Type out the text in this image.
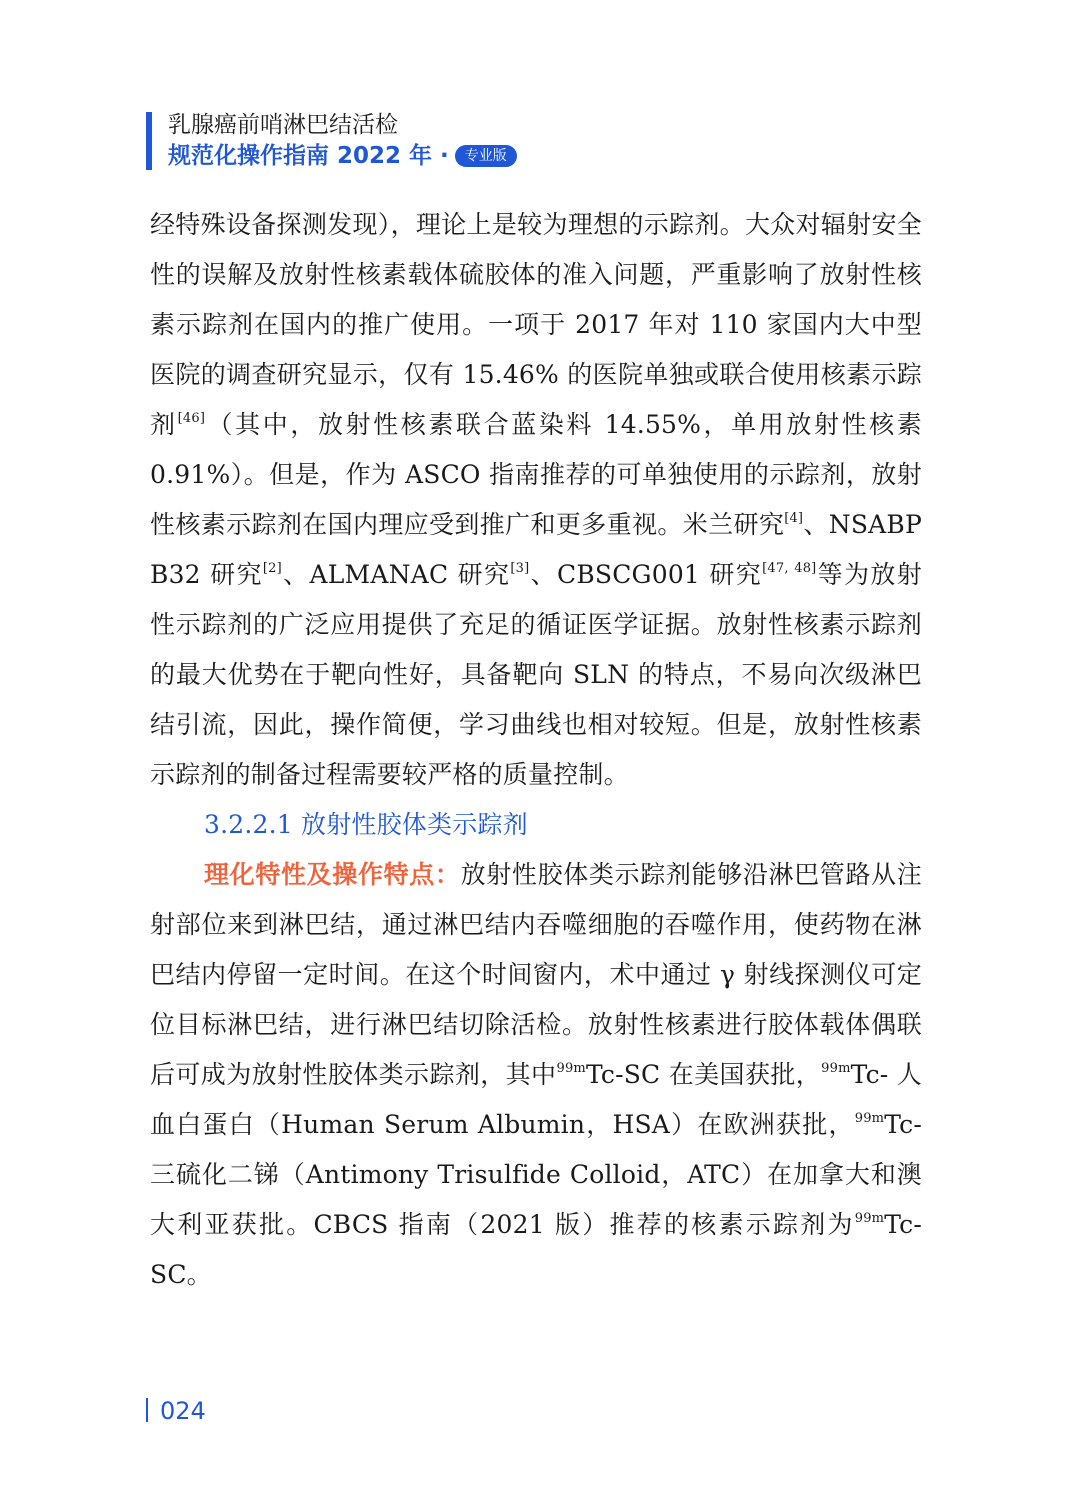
乳腺癌前哨淋巴结活检
规范化操作指南 2022 年 · 专业版

经特殊设备探测发现），理论上是较为理想的示踪剂。大众对辐射安全性的误解及放射性核素载体硫胶体的准入问题，严重影响了放射性核素示踪剂在国内的推广使用。一项于 2017 年对 110 家国内大中型医院的调查研究显示，仅有 15.46% 的医院单独或联合使用核素示踪剂[46]（其中，放射性核素联合蓝染料 14.55%，单用放射性核素 0.91%）。但是，作为 ASCO 指南推荐的可单独使用的示踪剂，放射性核素示踪剂在国内理应受到推广和更多重视。米兰研究[4]、NSABP B32 研究[2]、ALMANAC 研究[3]、CBSCG001 研究[47, 48]等为放射性示踪剂的广泛应用提供了充足的循证医学证据。放射性核素示踪剂的最大优势在于靶向性好，具备靶向 SLN 的特点，不易向次级淋巴结引流，因此，操作简便，学习曲线也相对较短。但是，放射性核素示踪剂的制备过程需要较严格的质量控制。

3.2.2.1 放射性胶体类示踪剂

理化特性及操作特点：放射性胶体类示踪剂能够沿淋巴管路从注射部位来到淋巴结，通过淋巴结内吞噬细胞的吞噬作用，使药物在淋巴结内停留一定时间。在这个时间窗内，术中通过 γ 射线探测仪可定位目标淋巴结，进行淋巴结切除活检。放射性核素进行胶体载体偶联后可成为放射性胶体类示踪剂，其中$^{99m}$Tc-SC 在美国获批，$^{99m}$Tc- 人血白蛋白（Human Serum Albumin，HSA）在欧洲获批，$^{99m}$Tc- 三硫化二锑（Antimony Trisulfide Colloid，ATC）在加拿大和澳大利亚获批。CBCS 指南（2021 版）推荐的核素示踪剂为$^{99m}$Tc-SC。

024
